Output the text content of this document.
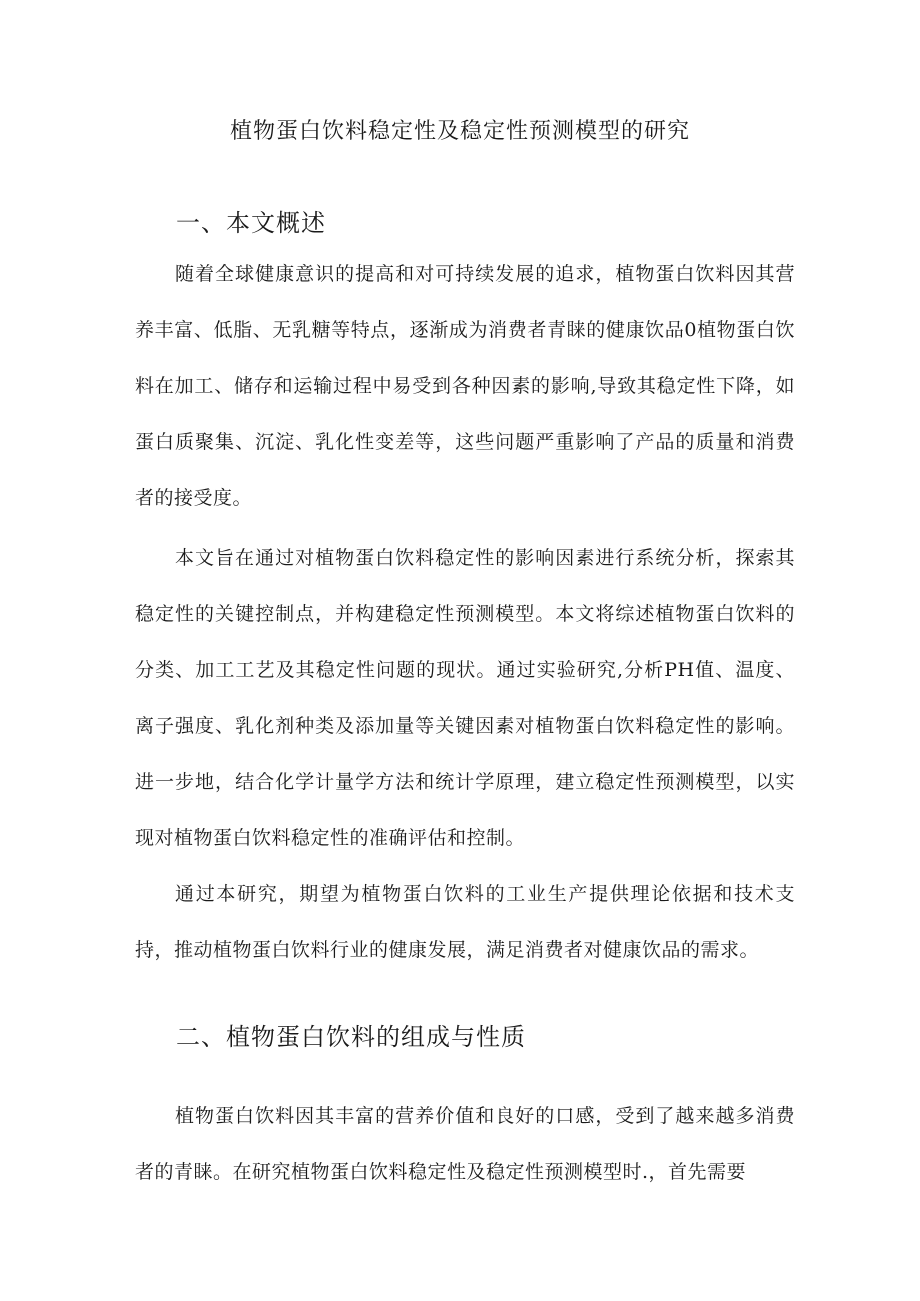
植物蛋白饮料稳定性及稳定性预测模型的研究
一、本文概述

随着全球健康意识的提高和对可持续发展的追求，植物蛋白饮料因其营养丰富、低脂、无乳糖等特点，逐渐成为消费者青睐的健康饮品0植物蛋白饮料在加工、储存和运输过程中易受到各种因素的影响,导致其稳定性下降，如蛋白质聚集、沉淀、乳化性变差等，这些问题严重影响了产品的质量和消费者的接受度。

本文旨在通过对植物蛋白饮料稳定性的影响因素进行系统分析，探索其稳定性的关键控制点，并构建稳定性预测模型。本文将综述植物蛋白饮料的分类、加工工艺及其稳定性问题的现状。通过实验研究,分析PH值、温度、离子强度、乳化剂种类及添加量等关键因素对植物蛋白饮料稳定性的影响。进一步地，结合化学计量学方法和统计学原理，建立稳定性预测模型，以实现对植物蛋白饮料稳定性的准确评估和控制。

通过本研究，期望为植物蛋白饮料的工业生产提供理论依据和技术支持，推动植物蛋白饮料行业的健康发展，满足消费者对健康饮品的需求。

二、植物蛋白饮料的组成与性质

植物蛋白饮料因其丰富的营养价值和良好的口感，受到了越来越多消费者的青睐。在研究植物蛋白饮料稳定性及稳定性预测模型时.，首先需要
